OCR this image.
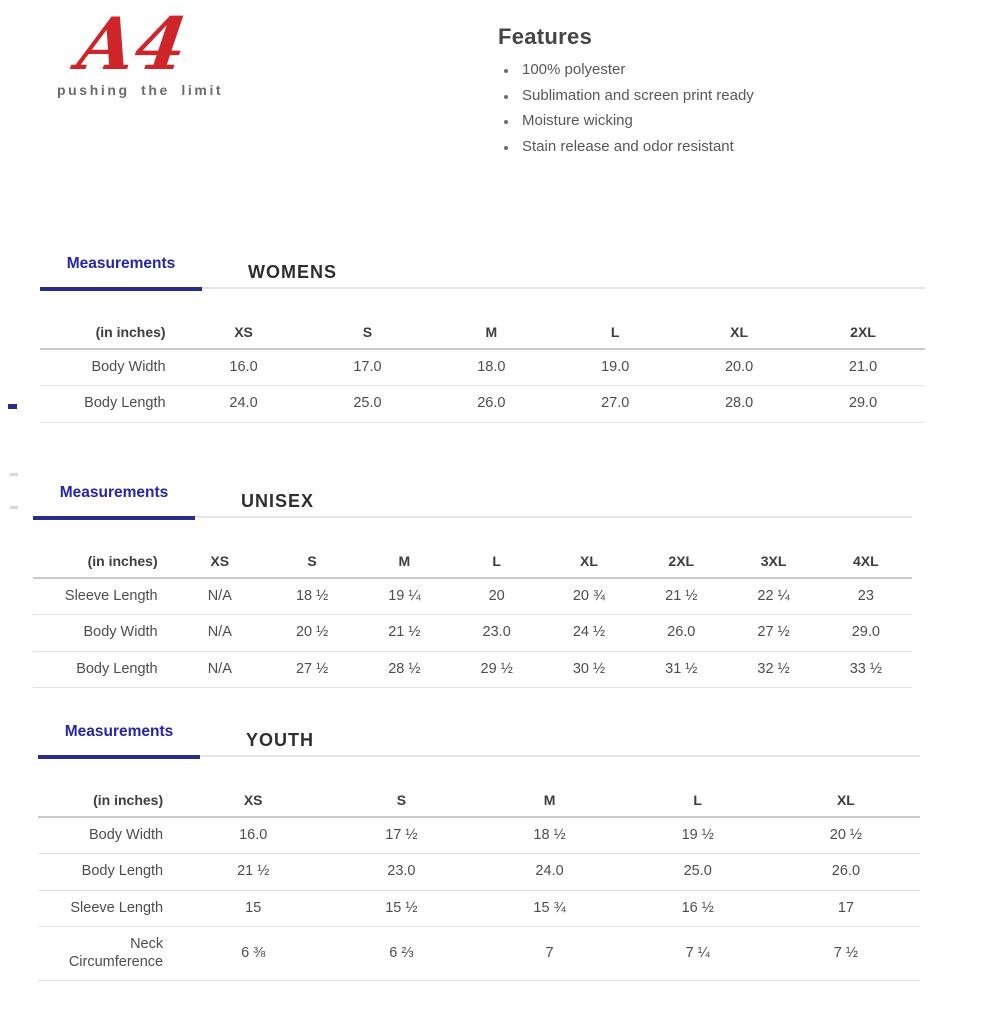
A4
pushing the limit
Features
• 100% polyester
• Sublimation and screen print ready
• Moisture wicking
• Stain release and odor resistant
Measurements	WOMENS
(in inches)	XS	S	M	L	XL	2XL
Body Width	16.0	17.0	18.0	19.0	20.0	21.0
Body Length	24.0	25.0	26.0	27.0	28.0	29.0
Measurements	UNISEX
(in inches)	XS	S	M	L	XL	2XL	3XL	4XL
Sleeve Length	N/A	18 ½	19 ¼	20	20 ¾	21 ½	22 ¼	23
Body Width	N/A	20 ½	21 ½	23.0	24 ½	26.0	27 ½	29.0
Body Length	N/A	27 ½	28 ½	29 ½	30 ½	31 ½	32 ½	33 ½
Measurements	YOUTH
(in inches)	XS	S	M	L	XL
Body Width	16.0	17 ½	18 ½	19 ½	20 ½
Body Length	21 ½	23.0	24.0	25.0	26.0
Sleeve Length	15	15 ½	15 ¾	16 ½	17
Neck Circumference	6 ⅜	6 ⅔	7	7 ¼	7 ½
